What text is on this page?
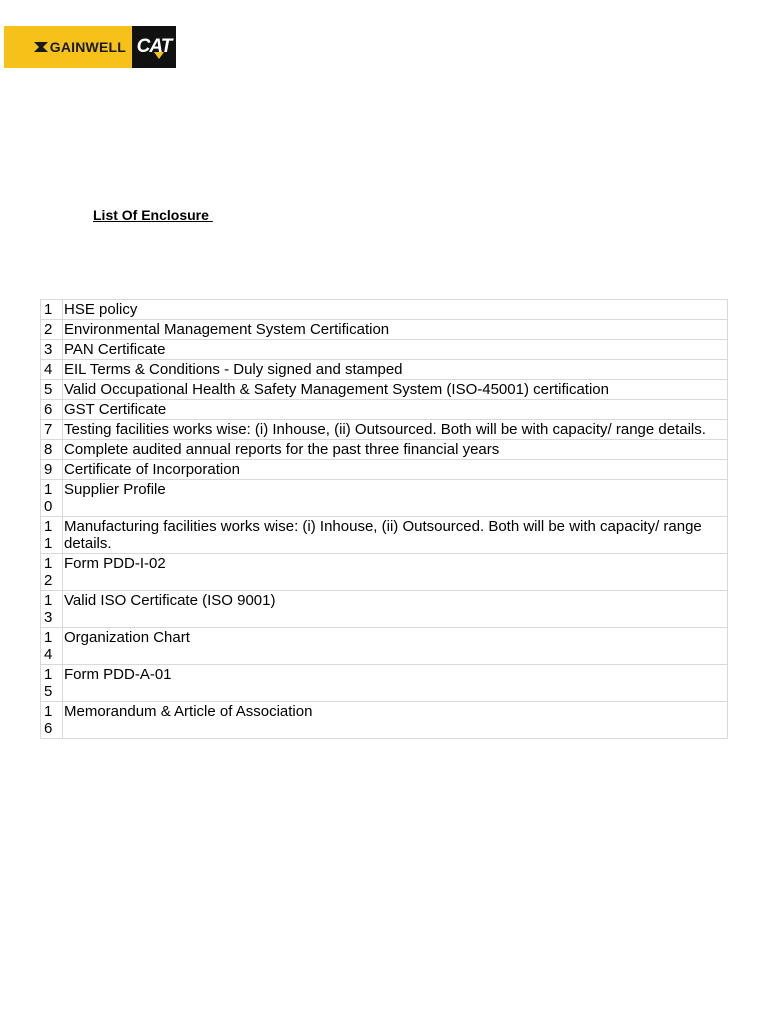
GAINWELL CAT
List Of Enclosure
1	HSE policy
2	Environmental Management System Certification
3	PAN Certificate
4	EIL Terms & Conditions - Duly signed and stamped
5	Valid Occupational Health & Safety Management System (ISO-45001) certification
6	GST Certificate
7	Testing facilities works wise: (i) Inhouse, (ii) Outsourced. Both will be with capacity/ range details.
8	Complete audited annual reports for the past three financial years
9	Certificate of Incorporation
10	Supplier Profile
11	Manufacturing facilities works wise: (i) Inhouse, (ii) Outsourced. Both will be with capacity/ range details.
12	Form PDD-I-02
13	Valid ISO Certificate (ISO 9001)
14	Organization Chart
15	Form PDD-A-01
16	Memorandum & Article of Association
